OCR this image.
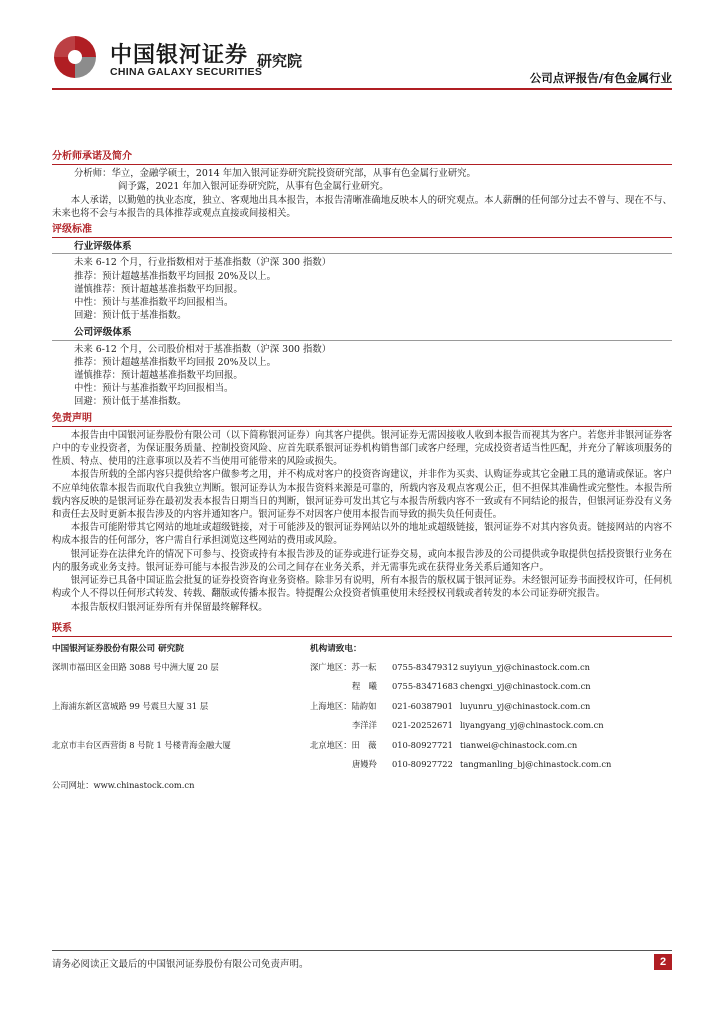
中国银河证券
CHINA GALAXY SECURITIES
研究院
公司点评报告/有色金属行业
分析师承诺及简介
分析师：华立，金融学硕士，2014 年加入银河证券研究院投资研究部，从事有色金属行业研究。
阎予露，2021 年加入银河证券研究院，从事有色金属行业研究。
本人承诺，以勤勉的执业态度，独立、客观地出具本报告，本报告清晰准确地反映本人的研究观点。本人薪酬的任何部分过去不曾与、现在不与、未来也将不会与本报告的具体推荐或观点直接或间接相关。
评级标准
行业评级体系
未来 6-12 个月，行业指数相对于基准指数（沪深 300 指数）
推荐：预计超越基准指数平均回报 20%及以上。
谨慎推荐：预计超越基准指数平均回报。
中性：预计与基准指数平均回报相当。
回避：预计低于基准指数。
公司评级体系
未来 6-12 个月，公司股价相对于基准指数（沪深 300 指数）
推荐：预计超越基准指数平均回报 20%及以上。
谨慎推荐：预计超越基准指数平均回报。
中性：预计与基准指数平均回报相当。
回避：预计低于基准指数。
免责声明
本报告由中国银河证券股份有限公司（以下简称银河证券）向其客户提供。银河证券无需因接收人收到本报告而视其为客户。若您并非银河证券客户中的专业投资者，为保证服务质量、控制投资风险、应首先联系银河证券机构销售部门或客户经理，完成投资者适当性匹配，并充分了解该项服务的性质、特点、使用的注意事项以及若不当使用可能带来的风险或损失。
本报告所载的全部内容只提供给客户做参考之用，并不构成对客户的投资咨询建议，并非作为买卖、认购证券或其它金融工具的邀请或保证。客户不应单纯依靠本报告而取代自我独立判断。银河证券认为本报告资料来源是可靠的，所载内容及观点客观公正，但不担保其准确性或完整性。本报告所载内容反映的是银河证券在最初发表本报告日期当日的判断，银河证券可发出其它与本报告所载内容不一致或有不同结论的报告，但银河证券没有义务和责任去及时更新本报告涉及的内容并通知客户。银河证券不对因客户使用本报告而导致的损失负任何责任。
本报告可能附带其它网站的地址或超级链接，对于可能涉及的银河证券网站以外的地址或超级链接，银河证券不对其内容负责。链接网站的内容不构成本报告的任何部分，客户需自行承担浏览这些网站的费用或风险。
银河证券在法律允许的情况下可参与、投资或持有本报告涉及的证券或进行证券交易，或向本报告涉及的公司提供或争取提供包括投资银行业务在内的服务或业务支持。银河证券可能与本报告涉及的公司之间存在业务关系，并无需事先或在获得业务关系后通知客户。
银河证券已具备中国证监会批复的证券投资咨询业务资格。除非另有说明，所有本报告的版权属于银河证券。未经银河证券书面授权许可，任何机构或个人不得以任何形式转发、转载、翻版或传播本报告。特提醒公众投资者慎重使用未经授权刊载或者转发的本公司证券研究报告。
本报告版权归银河证券所有并保留最终解释权。
联系
中国银河证券股份有限公司 研究院
深圳市福田区金田路 3088 号中洲大厦 20 层
上海浦东新区富城路 99 号震旦大厦 31 层
北京市丰台区西营街 8 号院 1 号楼青海金融大厦
机构请致电：
深广地区：苏一耘 0755-83479312 suyiyun_yj@chinastock.com.cn
程　曦 0755-83471683 chengxi_yj@chinastock.com.cn
上海地区：陆韵如 021-60387901 luyunru_yj@chinastock.com.cn
李洋洋 021-20252671 liyangyang_yj@chinastock.com.cn
北京地区：田　薇 010-80927721 tianwei@chinastock.com.cn
唐嫚羚 010-80927722 tangmanling_bj@chinastock.com.cn
公司网址：www.chinastock.com.cn
请务必阅读正文最后的中国银河证券股份有限公司免责声明。	2
